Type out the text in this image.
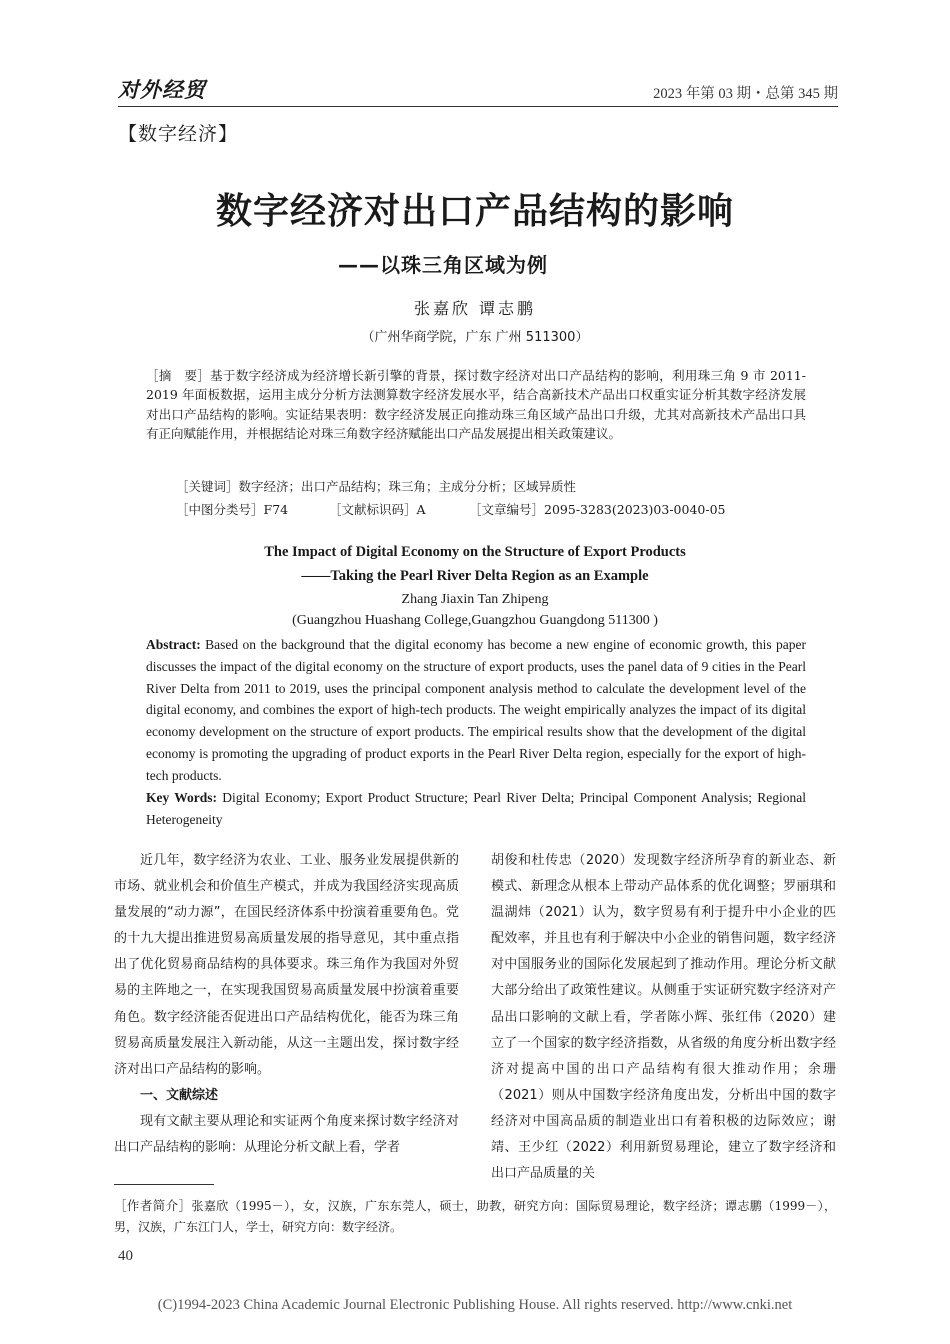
对外经贸	2023 年第 03 期・总第 345 期
【数字经济】
数字经济对出口产品结构的影响
——以珠三角区域为例
张嘉欣 谭志鹏
（广州华商学院，广东 广州 511300）
［摘　要］基于数字经济成为经济增长新引擎的背景，探讨数字经济对出口产品结构的影响，利用珠三角 9 市 2011-2019 年面板数据，运用主成分分析方法测算数字经济发展水平，结合高新技术产品出口权重实证分析其数字经济发展对出口产品结构的影响。实证结果表明：数字经济发展正向推动珠三角区域产品出口升级，尤其对高新技术产品出口具有正向赋能作用，并根据结论对珠三角数字经济赋能出口产品发展提出相关政策建议。
［关键词］数字经济；出口产品结构；珠三角；主成分分析；区域异质性
［中图分类号］F74	［文献标识码］A	［文章编号］2095-3283(2023)03-0040-05
The Impact of Digital Economy on the Structure of Export Products
——Taking the Pearl River Delta Region as an Example
Zhang Jiaxin Tan Zhipeng
(Guangzhou Huashang College,Guangzhou Guangdong 511300 )
Abstract: Based on the background that the digital economy has become a new engine of economic growth, this paper discusses the impact of the digital economy on the structure of export products, uses the panel data of 9 cities in the Pearl River Delta from 2011 to 2019, uses the principal component analysis method to calculate the development level of the digital economy, and combines the export of high-tech products. The weight empirically analyzes the impact of its digital economy development on the structure of export products. The empirical results show that the development of the digital economy is promoting the upgrading of product exports in the Pearl River Delta region, especially for the export of high-tech products.
Key Words: Digital Economy; Export Product Structure; Pearl River Delta; Principal Component Analysis; Regional Heterogeneity

近几年，数字经济为农业、工业、服务业发展提供新的市场、就业机会和价值生产模式，并成为我国经济实现高质量发展的“动力源”，在国民经济体系中扮演着重要角色。党的十九大提出推进贸易高质量发展的指导意见，其中重点指出了优化贸易商品结构的具体要求。珠三角作为我国对外贸易的主阵地之一，在实现我国贸易高质量发展中扮演着重要角色。数字经济能否促进出口产品结构优化，能否为珠三角贸易高质量发展注入新动能，从这一主题出发，探讨数字经济对出口产品结构的影响。

一、文献综述

现有文献主要从理论和实证两个角度来探讨数字经济对出口产品结构的影响：从理论分析文献上看，学者

胡俊和杜传忠（2020）发现数字经济所孕育的新业态、新模式、新理念从根本上带动产品体系的优化调整；罗丽琪和温湖炜（2021）认为，数字贸易有利于提升中小企业的匹配效率，并且也有利于解决中小企业的销售问题，数字经济对中国服务业的国际化发展起到了推动作用。理论分析文献大部分给出了政策性建议。从侧重于实证研究数字经济对产品出口影响的文献上看，学者陈小辉、张红伟（2020）建立了一个国家的数字经济指数，从省级的角度分析出数字经济对提高中国的出口产品结构有很大推动作用；余珊（2021）则从中国数字经济角度出发，分析出中国的数字经济对中国高品质的制造业出口有着积极的边际效应；谢靖、王少红（2022）利用新贸易理论，建立了数字经济和出口产品质量的关

［作者简介］张嘉欣（1995－），女，汉族，广东东莞人，硕士，助教，研究方向：国际贸易理论，数字经济；谭志鹏（1999－），男，汉族，广东江门人，学士，研究方向：数字经济。
40
(C)1994-2023 China Academic Journal Electronic Publishing House. All rights reserved. http://www.cnki.net
